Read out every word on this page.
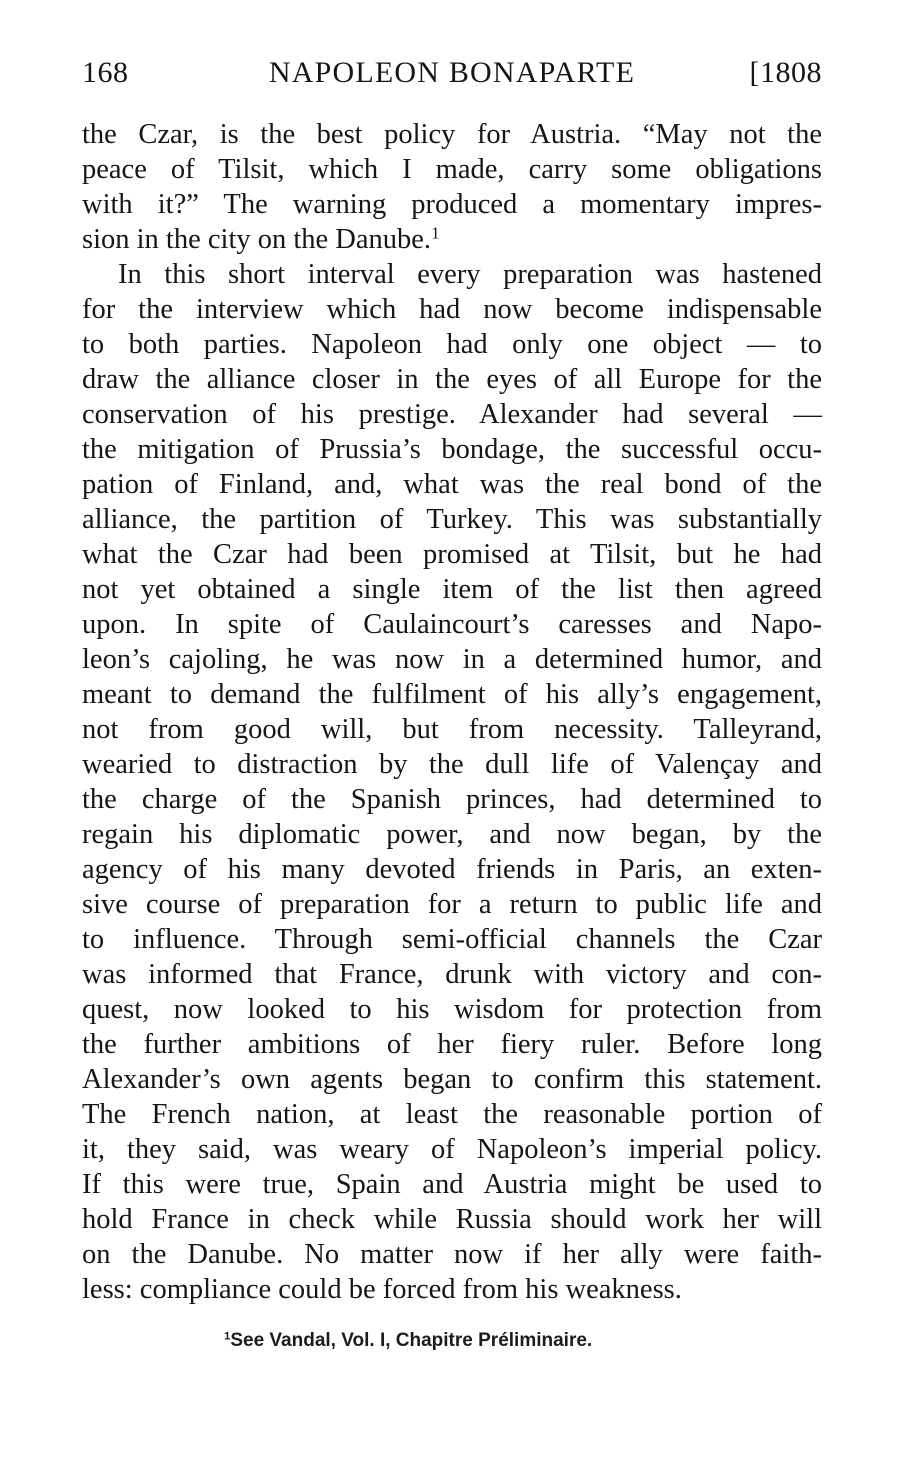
168	NAPOLEON BONAPARTE	[1808
the Czar, is the best policy for Austria. “May not the
peace of Tilsit, which I made, carry some obligations
with it?” The warning produced a momentary impres-
sion in the city on the Danube.$^1$
In this short interval every preparation was hastened
for the interview which had now become indispensable
to both parties. Napoleon had only one object — to
draw the alliance closer in the eyes of all Europe for the
conservation of his prestige. Alexander had several —
the mitigation of Prussia’s bondage, the successful occu-
pation of Finland, and, what was the real bond of the
alliance, the partition of Turkey. This was substantially
what the Czar had been promised at Tilsit, but he had
not yet obtained a single item of the list then agreed
upon. In spite of Caulaincourt’s caresses and Napo-
leon’s cajoling, he was now in a determined humor, and
meant to demand the fulfilment of his ally’s engagement,
not from good will, but from necessity. Talleyrand,
wearied to distraction by the dull life of Valençay and
the charge of the Spanish princes, had determined to
regain his diplomatic power, and now began, by the
agency of his many devoted friends in Paris, an exten-
sive course of preparation for a return to public life and
to influence. Through semi-official channels the Czar
was informed that France, drunk with victory and con-
quest, now looked to his wisdom for protection from
the further ambitions of her fiery ruler. Before long
Alexander’s own agents began to confirm this statement.
The French nation, at least the reasonable portion of
it, they said, was weary of Napoleon’s imperial policy.
If this were true, Spain and Austria might be used to
hold France in check while Russia should work her will
on the Danube. No matter now if her ally were faith-
less: compliance could be forced from his weakness.
$^1$See Vandal, Vol. I, Chapitre Préliminaire.
